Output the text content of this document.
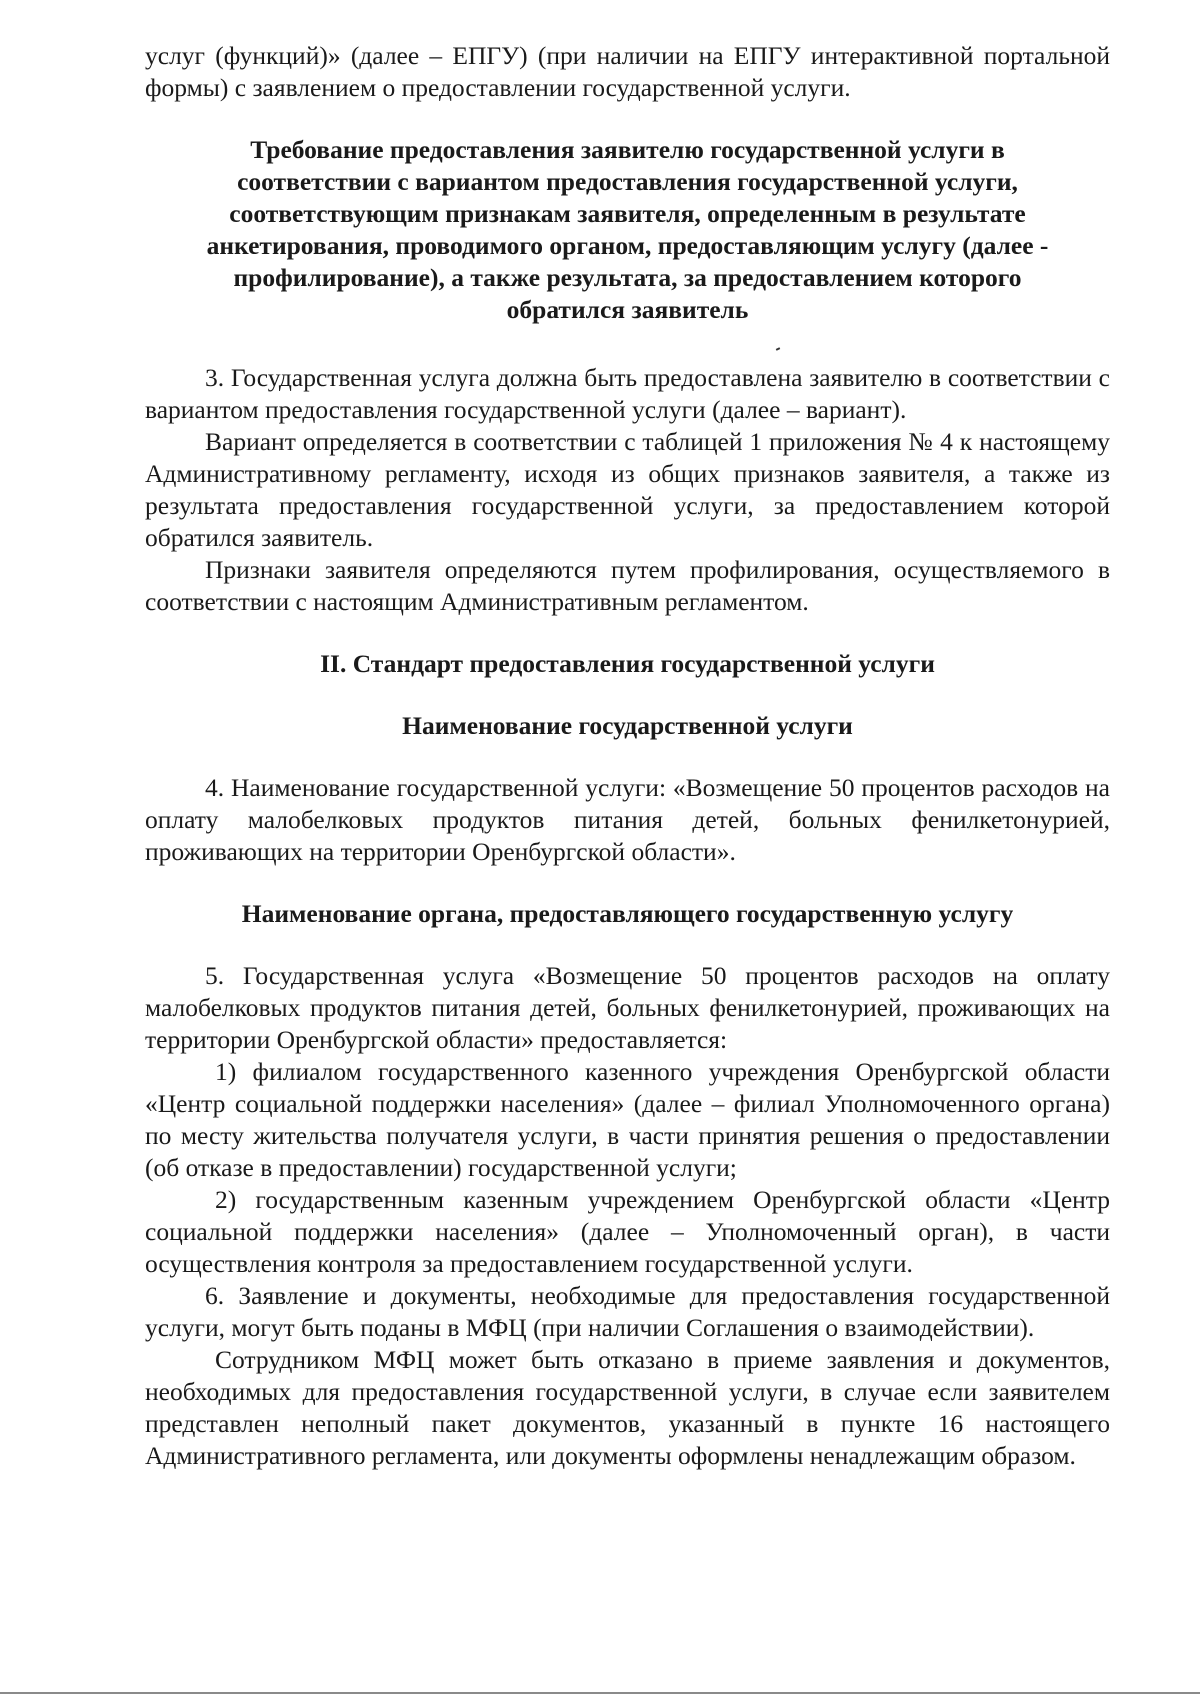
услуг (функций)» (далее – ЕПГУ) (при наличии на ЕПГУ интерактивной портальной формы) с заявлением о предоставлении государственной услуги.

Требование предоставления заявителю государственной услуги в соответствии с вариантом предоставления государственной услуги, соответствующим признакам заявителя, определенным в результате анкетирования, проводимого органом, предоставляющим услугу (далее - профилирование), а также результата, за предоставлением которого обратился заявитель

3. Государственная услуга должна быть предоставлена заявителю в соответствии с вариантом предоставления государственной услуги (далее – вариант).

Вариант определяется в соответствии с таблицей 1 приложения № 4 к настоящему Административному регламенту, исходя из общих признаков заявителя, а также из результата предоставления государственной услуги, за предоставлением которой обратился заявитель.

Признаки заявителя определяются путем профилирования, осуществляемого в соответствии с настоящим Административным регламентом.

II. Стандарт предоставления государственной услуги
Наименование государственной услуги

4. Наименование государственной услуги: «Возмещение 50 процентов расходов на оплату малобелковых продуктов питания детей, больных фенилкетонурией, проживающих на территории Оренбургской области».

Наименование органа, предоставляющего государственную услугу

5. Государственная услуга «Возмещение 50 процентов расходов на оплату малобелковых продуктов питания детей, больных фенилкетонурией, проживающих на территории Оренбургской области» предоставляется:

1) филиалом государственного казенного учреждения Оренбургской области «Центр социальной поддержки населения» (далее – филиал Уполномоченного органа) по месту жительства получателя услуги, в части принятия решения о предоставлении (об отказе в предоставлении) государственной услуги;

2) государственным казенным учреждением Оренбургской области «Центр социальной поддержки населения» (далее – Уполномоченный орган), в части осуществления контроля за предоставлением государственной услуги.

6. Заявление и документы, необходимые для предоставления государственной услуги, могут быть поданы в МФЦ (при наличии Соглашения о взаимодействии).

Сотрудником МФЦ может быть отказано в приеме заявления и документов, необходимых для предоставления государственной услуги, в случае если заявителем представлен неполный пакет документов, указанный в пункте 16 настоящего Административного регламента, или документы оформлены ненадлежащим образом.
